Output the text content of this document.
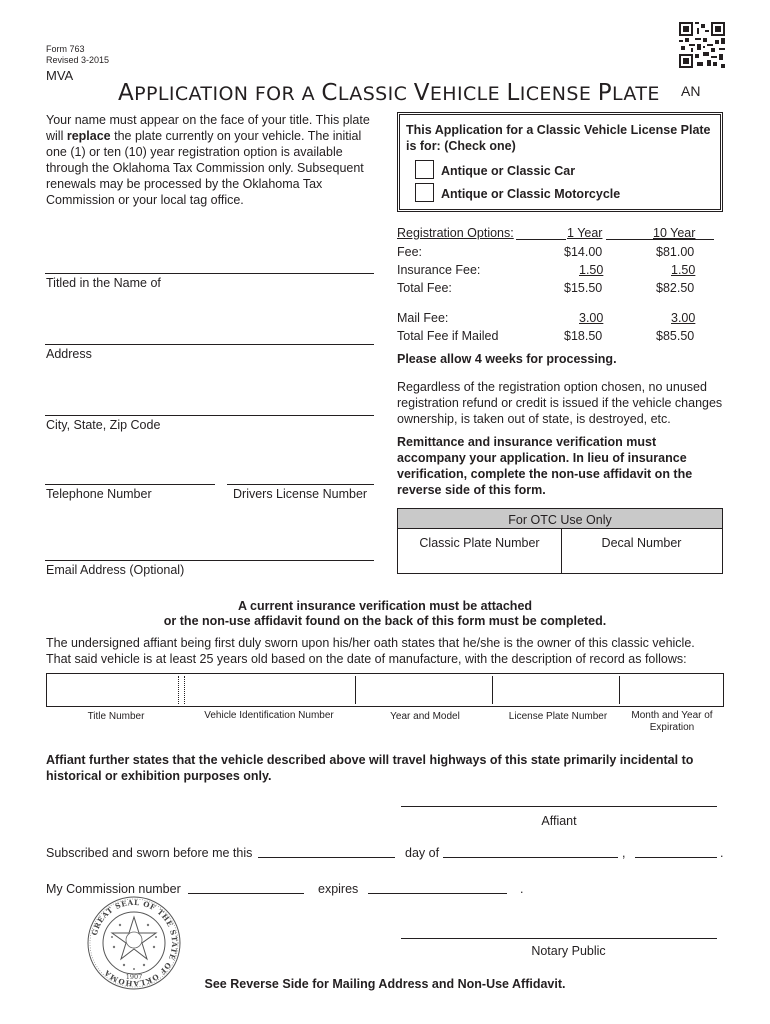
Form 763
Revised 3-2015
MVA
APPLICATION FOR A CLASSIC VEHICLE LICENSE PLATE AN
Your name must appear on the face of your title. This plate will replace the plate currently on your vehicle. The initial one (1) or ten (10) year registration option is available through the Oklahoma Tax Commission only. Subsequent renewals may be processed by the Oklahoma Tax Commission or your local tag office.
Titled in the Name of
Address
City, State, Zip Code
Telephone Number	Drivers License Number
Email Address (Optional)
This Application for a Classic Vehicle License Plate is for: (Check one)
Antique or Classic Car
Antique or Classic Motorcycle
Registration Options:	1 Year	10 Year
Fee:	$14.00	$81.00
Insurance Fee:	1.50	1.50
Total Fee:	$15.50	$82.50
Mail Fee:	3.00	3.00
Total Fee if Mailed	$18.50	$85.50
Please allow 4 weeks for processing.
Regardless of the registration option chosen, no unused registration refund or credit is issued if the vehicle changes ownership, is taken out of state, is destroyed, etc.
Remittance and insurance verification must accompany your application. In lieu of insurance verification, complete the non-use affidavit on the reverse side of this form.
For OTC Use Only
Classic Plate Number	Decal Number
A current insurance verification must be attached
or the non-use affidavit found on the back of this form must be completed.
The undersigned affiant being first duly sworn upon his/her oath states that he/she is the owner of this classic vehicle.
That said vehicle is at least 25 years old based on the date of manufacture, with the description of record as follows:
Title Number	Vehicle Identification Number	Year and Model	License Plate Number	Month and Year of Expiration
Affiant further states that the vehicle described above will travel highways of this state primarily incidental to historical or exhibition purposes only.
Affiant
Subscribed and sworn before me this	day of	,	.
My Commission number	expires	.
GREAT SEAL OF THE STATE OF OKLAHOMA	1907
Notary Public
See Reverse Side for Mailing Address and Non-Use Affidavit.
